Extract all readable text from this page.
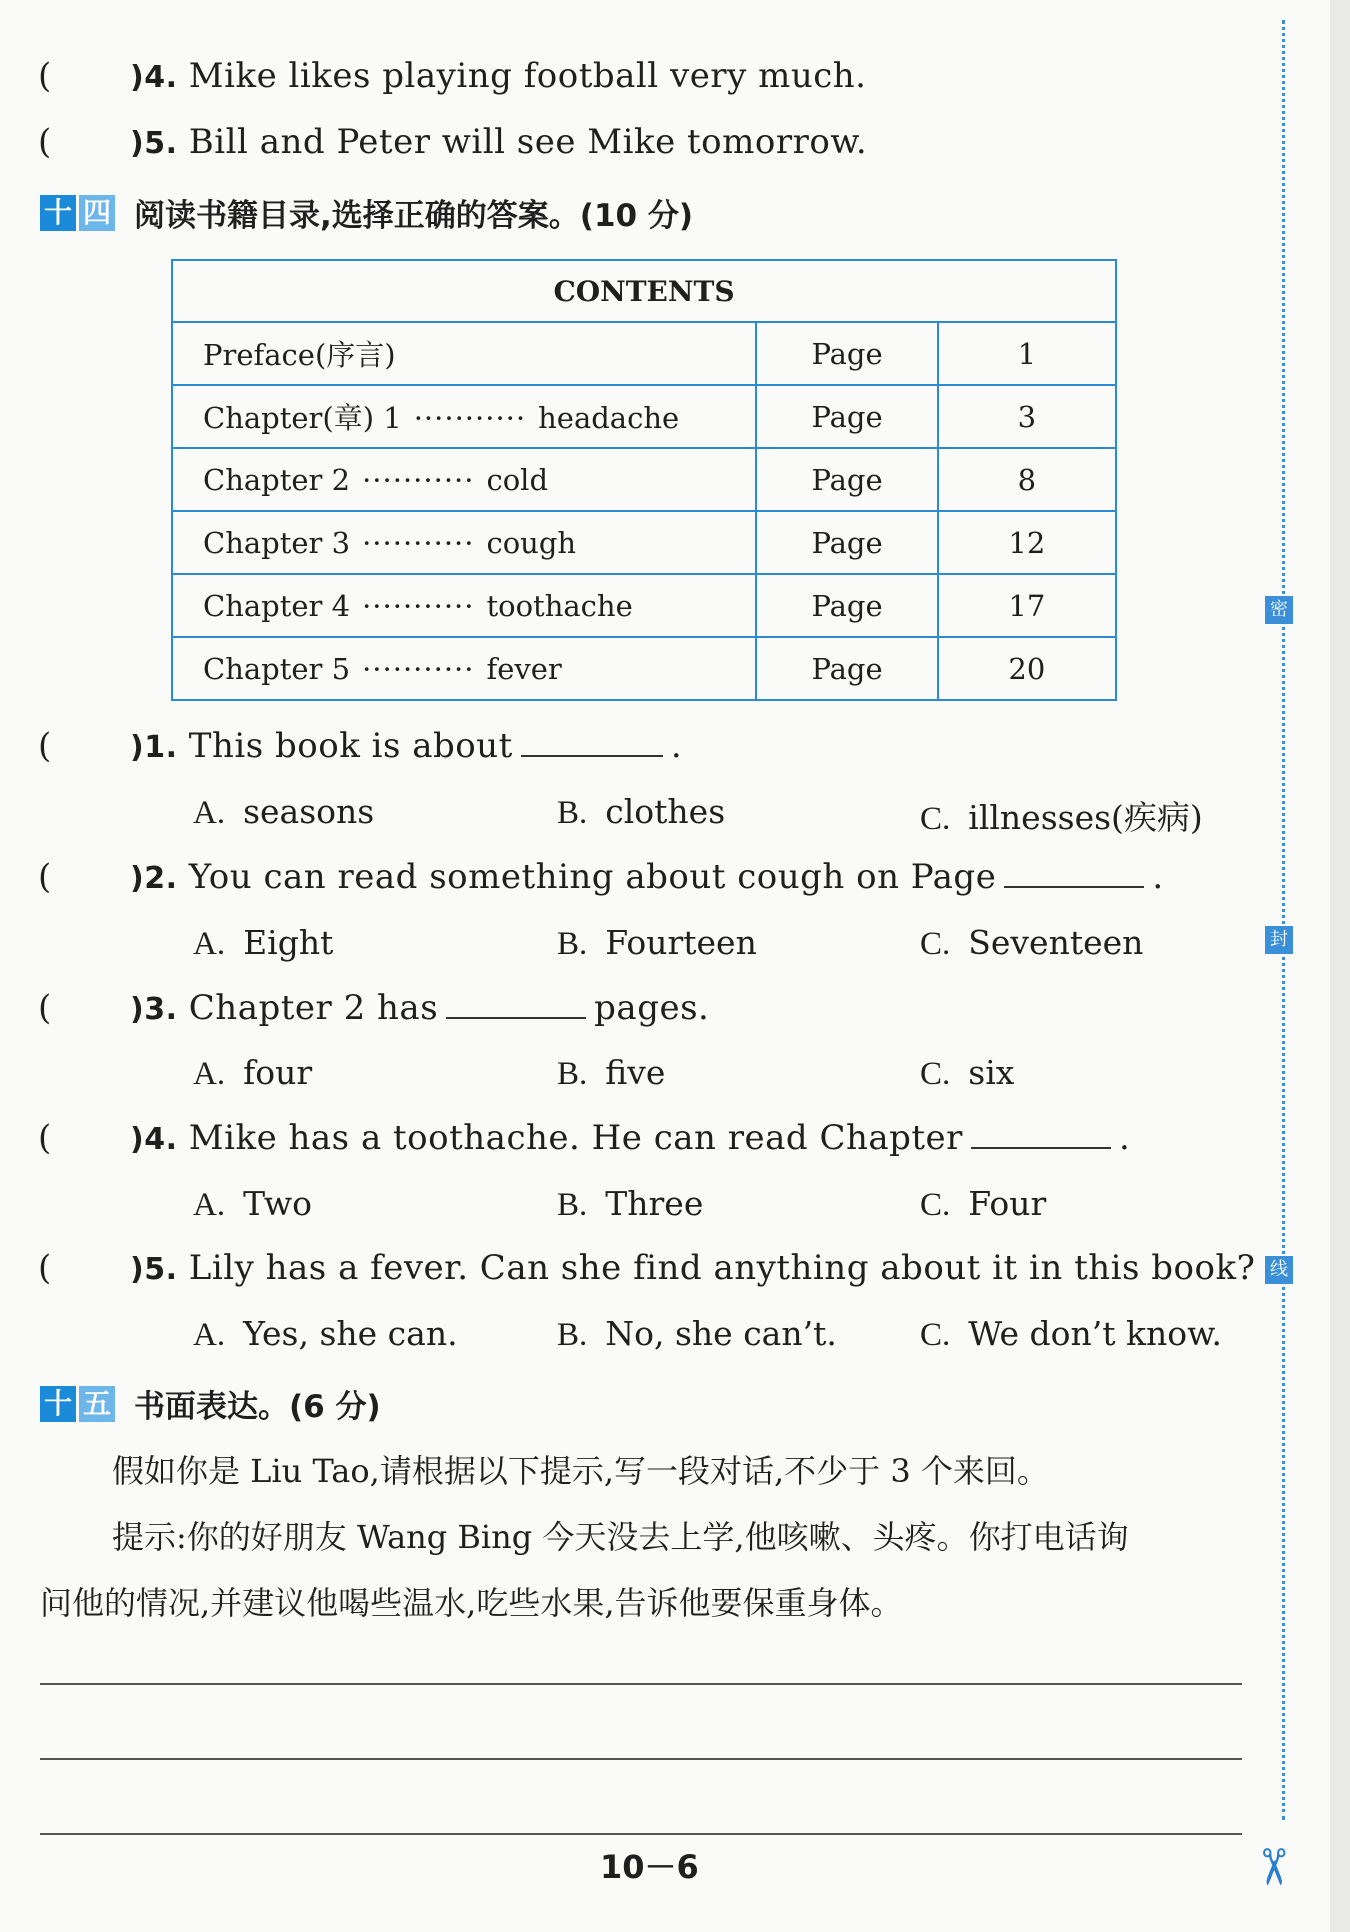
(	)4. Mike likes playing football very much.
(	)5. Bill and Peter will see Mike tomorrow.
十 四 阅读书籍目录,选择正确的答案。(10 分)
CONTENTS		
Preface(序言)	Page	1
Chapter(章) 1 ··········· headache	Page	3
Chapter 2 ··········· cold	Page	8
Chapter 3 ··········· cough	Page	12
Chapter 4 ··········· toothache	Page	17
Chapter 5 ··········· fever	Page	20
(	)1. This book is about	.
A. seasons	B. clothes	C. illnesses(疾病)
(	)2. You can read something about cough on Page	.
A. Eight	B. Fourteen	C. Seventeen
(	)3. Chapter 2 has	pages.
A. four	B. five	C. six
(	)4. Mike has a toothache. He can read Chapter	.
A. Two	B. Three	C. Four
(	)5. Lily has a fever. Can she find anything about it in this book?
A. Yes, she can.	B. No, she can’t.	C. We don’t know.
十 五 书面表达。(6 分)
假如你是 Liu Tao,请根据以下提示,写一段对话,不少于 3 个来回。
提示:你的好朋友 Wang Bing 今天没去上学,他咳嗽、头疼。你打电话询
问他的情况,并建议他喝些温水,吃些水果,告诉他要保重身体。
10－6
密
封
线
✂
